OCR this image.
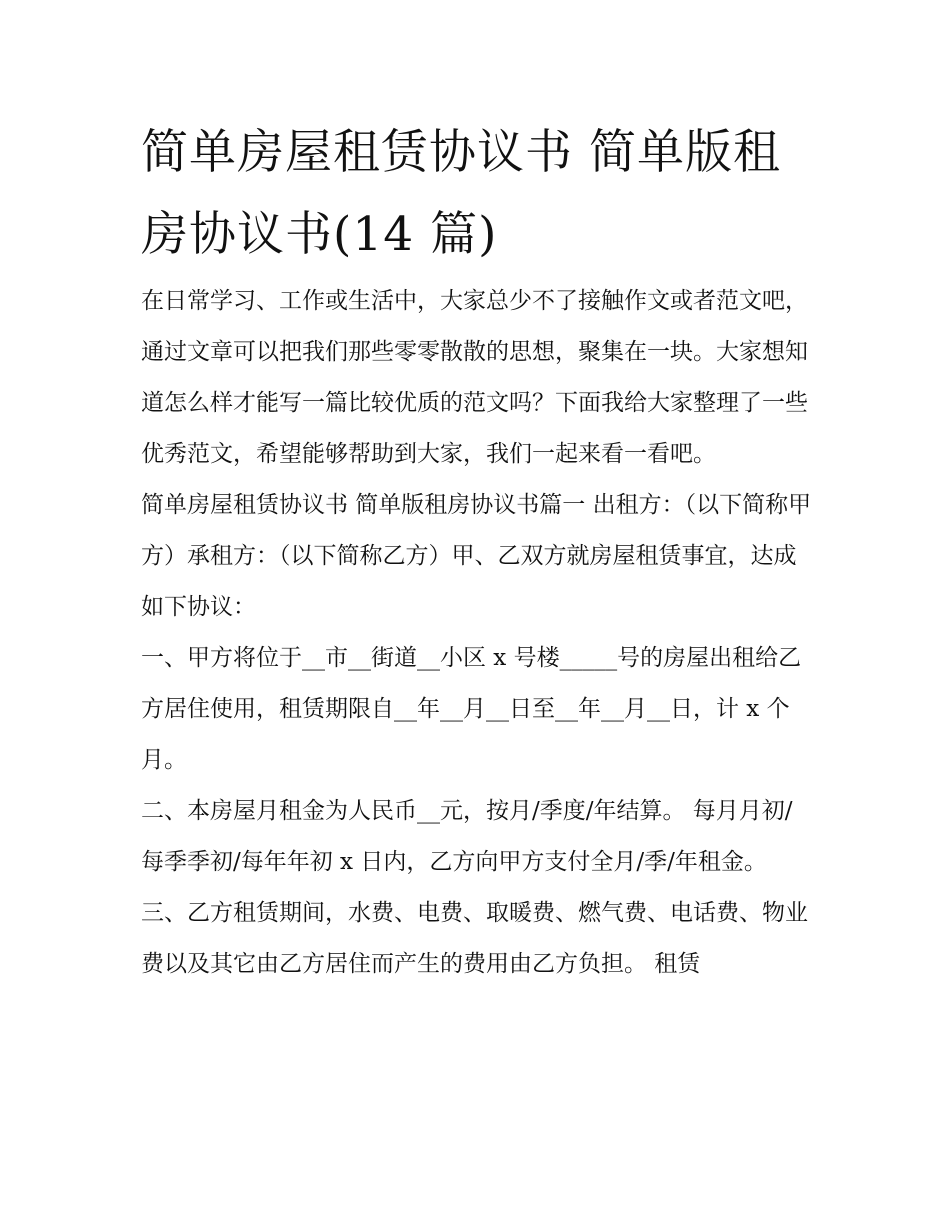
简单房屋租赁协议书 简单版租房协议书(14 篇)

在日常学习、工作或生活中，大家总少不了接触作文或者范文吧，通过文章可以把我们那些零零散散的思想，聚集在一块。大家想知道怎么样才能写一篇比较优质的范文吗？下面我给大家整理了一些优秀范文，希望能够帮助到大家，我们一起来看一看吧。

简单房屋租赁协议书 简单版租房协议书篇一 出租方：（以下简称甲方）承租方：（以下简称乙方）甲、乙双方就房屋租赁事宜，达成如下协议：

一、甲方将位于__市__街道__小区 x 号楼_____号的房屋出租给乙方居住使用，租赁期限自__年__月__日至__年__月__日，计 x 个月。

二、本房屋月租金为人民币__元，按月/季度/年结算。 每月月初/每季季初/每年年初 x 日内，乙方向甲方支付全月/季/年租金。

三、乙方租赁期间，水费、电费、取暖费、燃气费、电话费、物业费以及其它由乙方居住而产生的费用由乙方负担。 租赁
